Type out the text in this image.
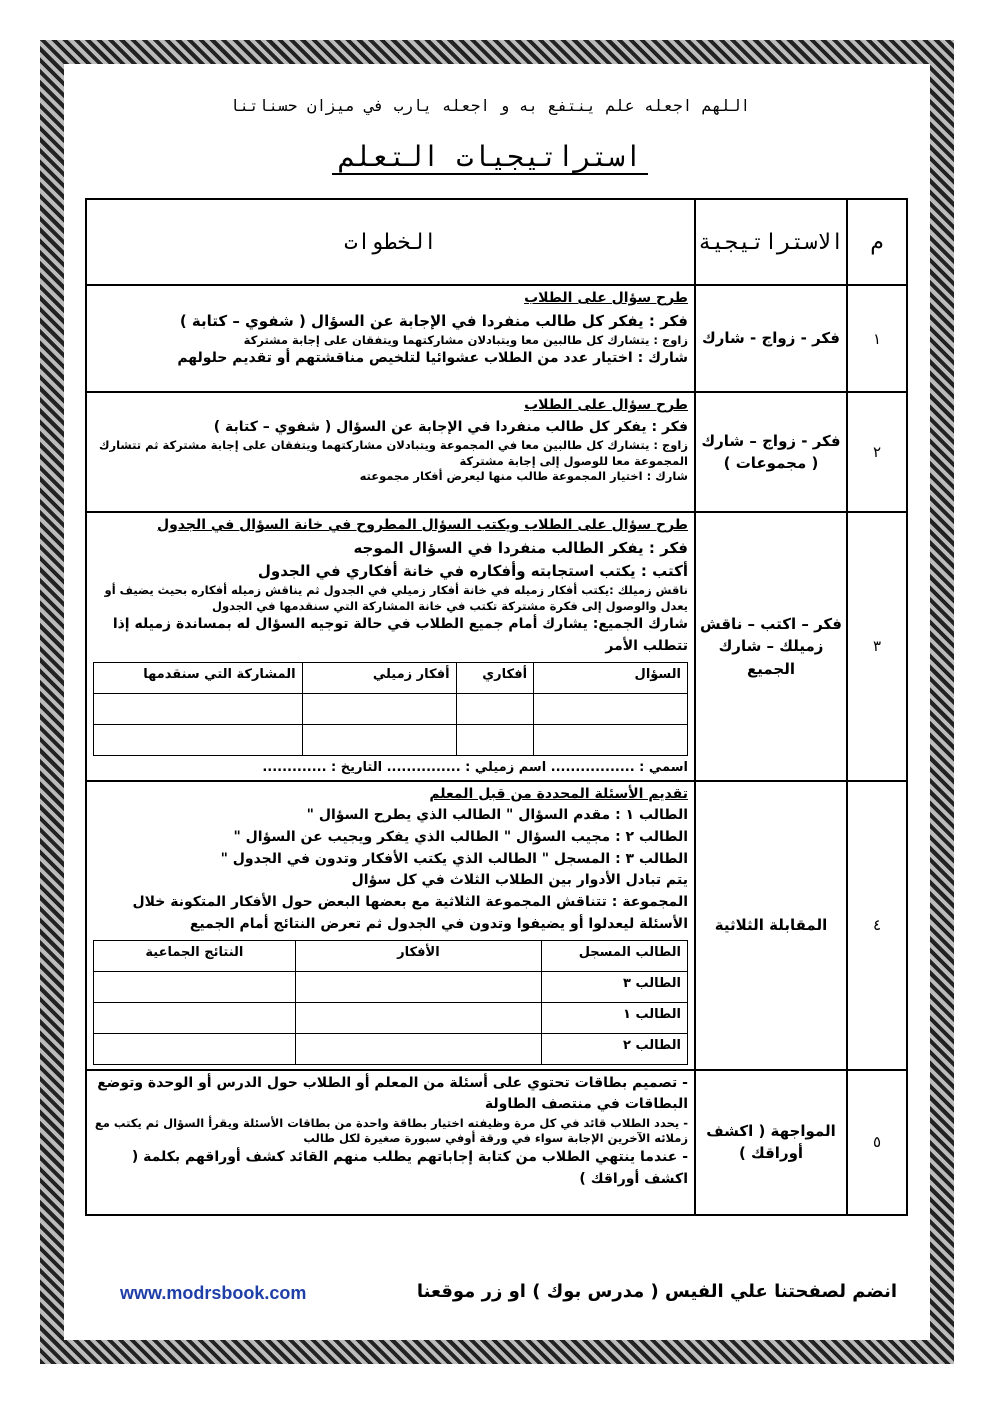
اللهم اجعله علم ينتفع به و اجعله يارب في ميزان حسناتنا
استراتيجيات التعلم
م	الاستراتيجية	الخطوات
١	فكر - زواج - شارك	
طرح سؤال على الطلاب
فكر : يفكر كل طالب منفردا في الإجابة عن السؤال ( شفوي – كتابة )
زاوج : يتشارك كل طالبين معا ويتبادلان مشاركتهما ويتفقان على إجابة مشتركة
شارك : اختيار عدد من الطلاب عشوائيا لتلخيص مناقشتهم أو تقديم حلولهم

٢	فكر - زواج – شارك ( مجموعات )	
طرح سؤال على الطلاب
فكر : يفكر كل طالب منفردا في الإجابة عن السؤال ( شفوي – كتابة )
زاوج : يتشارك كل طالبين معا في المجموعة ويتبادلان مشاركتهما ويتفقان على إجابة مشتركة ثم تتشارك المجموعة معا للوصول إلى إجابة مشتركة
شارك : اختيار المجموعة طالب منها ليعرض أفكار مجموعته

٣	فكر – اكتب – ناقش زميلك – شارك الجميع	
طرح سؤال على الطلاب ويكتب السؤال المطروح في خانة السؤال في الجدول
فكر : يفكر الطالب منفردا في السؤال الموجه
أكتب : يكتب استجابته وأفكاره في خانة أفكاري في الجدول
ناقش زميلك :يكتب أفكار زميله في خانة أفكار زميلي في الجدول ثم يناقش زميله أفكاره بحيث يضيف أو يعدل والوصول إلى فكرة مشتركة تكتب في خانة المشاركة التي سنقدمها في الجدول
شارك الجميع: يشارك أمام جميع الطلاب في حالة توجيه السؤال له بمساندة زميله إذا تتطلب الأمر
السؤال	أفكاري	أفكار زميلي	المشاركة التي سنقدمها

اسمي : ................. اسم زميلي : ............... التاريخ : .............

٤	المقابلة الثلاثية	
تقديم الأسئلة المحددة من قبل المعلم
الطالب ١ : مقدم السؤال " الطالب الذي يطرح السؤال "
الطالب ٢ : مجيب السؤال " الطالب الذي يفكر ويجيب عن السؤال "
الطالب ٣ : المسجل " الطالب الذي يكتب الأفكار وتدون في الجدول "
يتم تبادل الأدوار بين الطلاب الثلاث في كل سؤال
المجموعة : تتناقش المجموعة الثلاثية مع بعضها البعض حول الأفكار المتكونة خلال الأسئلة ليعدلوا أو يضيفوا وتدون في الجدول ثم تعرض النتائج أمام الجميع
الطالب المسجل	الأفكار	النتائج الجماعية
الطالب ٣		
الطالب ١		
الطالب ٢		

٥	المواجهة ( اكشف أوراقك )	
- تصميم بطاقات تحتوي على أسئلة من المعلم أو الطلاب حول الدرس أو الوحدة وتوضع البطاقات في منتصف الطاولة
- يحدد الطلاب قائد في كل مرة وظيفته اختيار بطاقة واحدة من بطاقات الأسئلة ويقرأ السؤال ثم يكتب مع زملائه الآخرين الإجابة سواء في ورقة أوفي سبورة صغيرة لكل طالب
- عندما ينتهي الطلاب من كتابة إجاباتهم يطلب منهم القائد كشف أوراقهم بكلمة ( اكشف أوراقك )
انضم لصفحتنا علي الفيس ( مدرس بوك ) او زر موقعنا
www.modrsbook.com
